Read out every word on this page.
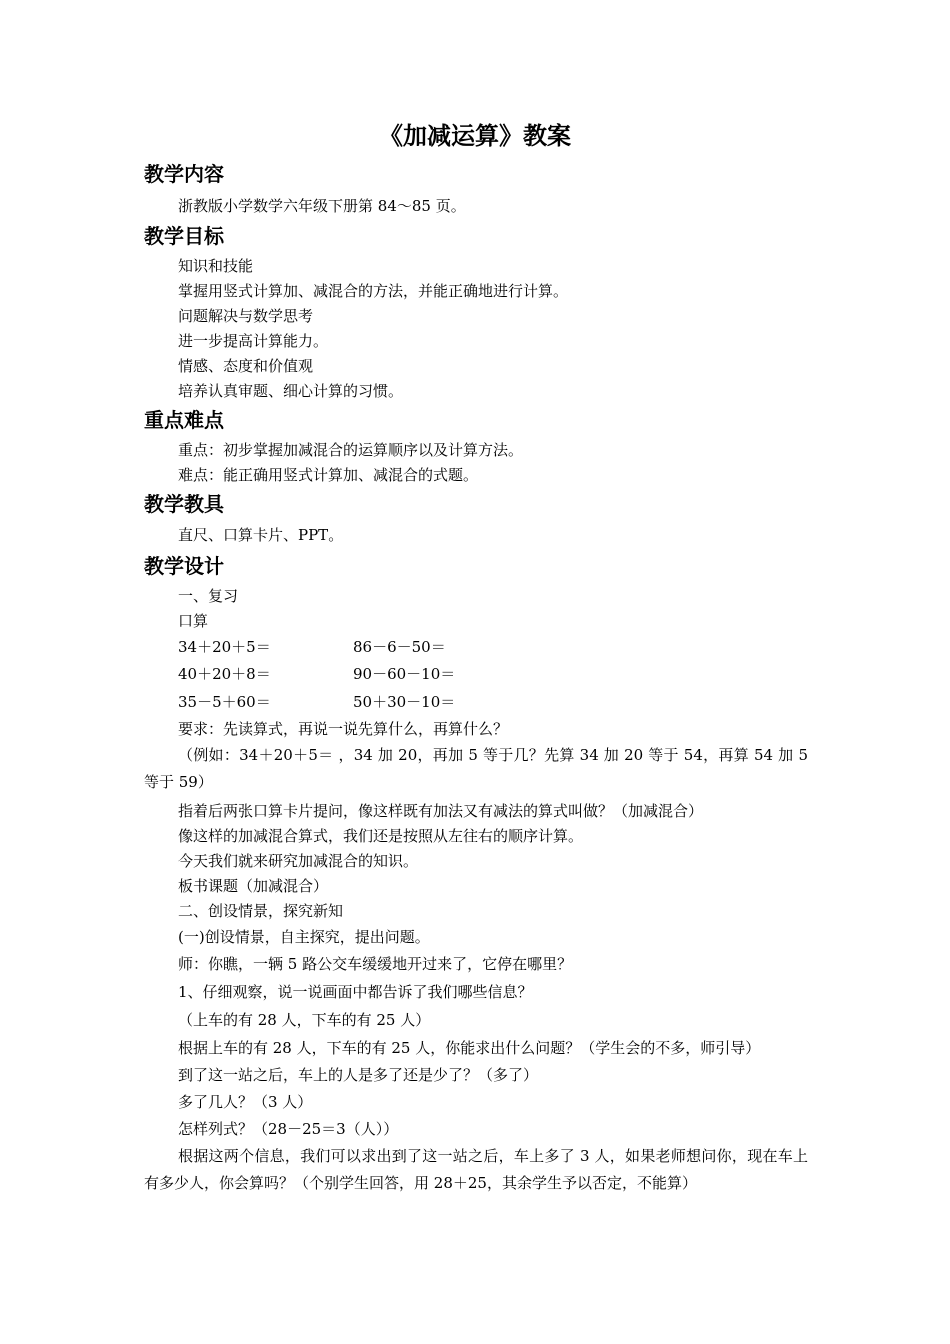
《加减运算》教案
教学内容
浙教版小学数学六年级下册第 84～85 页。
教学目标
知识和技能
掌握用竖式计算加、减混合的方法，并能正确地进行计算。
问题解决与数学思考
进一步提高计算能力。
情感、态度和价值观
培养认真审题、细心计算的习惯。
重点难点
重点：初步掌握加减混合的运算顺序以及计算方法。
难点：能正确用竖式计算加、减混合的式题。
教学教具
直尺、口算卡片、PPT。
教学设计
一、复习
口算
34＋20＋5＝	86－6－50＝
40＋20＋8＝	90－60－10＝
35－5＋60＝	50＋30－10＝
要求：先读算式，再说一说先算什么，再算什么？
（例如：34＋20＋5＝ ，34 加 20，再加 5 等于几？先算 34 加 20 等于 54，再算 54 加 5 等于 59）
指着后两张口算卡片提问，像这样既有加法又有减法的算式叫做？（加减混合）
像这样的加减混合算式，我们还是按照从左往右的顺序计算。
今天我们就来研究加减混合的知识。
板书课题（加减混合）
二、创设情景，探究新知
(一)创设情景，自主探究，提出问题。
师：你瞧，一辆 5 路公交车缓缓地开过来了，它停在哪里？
1、仔细观察，说一说画面中都告诉了我们哪些信息？
（上车的有 28 人，下车的有 25 人）
根据上车的有 28 人，下车的有 25 人，你能求出什么问题？（学生会的不多，师引导）
到了这一站之后，车上的人是多了还是少了？（多了）
多了几人？（3 人）
怎样列式？（28－25＝3（人））
根据这两个信息，我们可以求出到了这一站之后，车上多了 3 人，如果老师想问你，现在车上有多少人，你会算吗？（个别学生回答，用 28＋25，其余学生予以否定，不能算）
